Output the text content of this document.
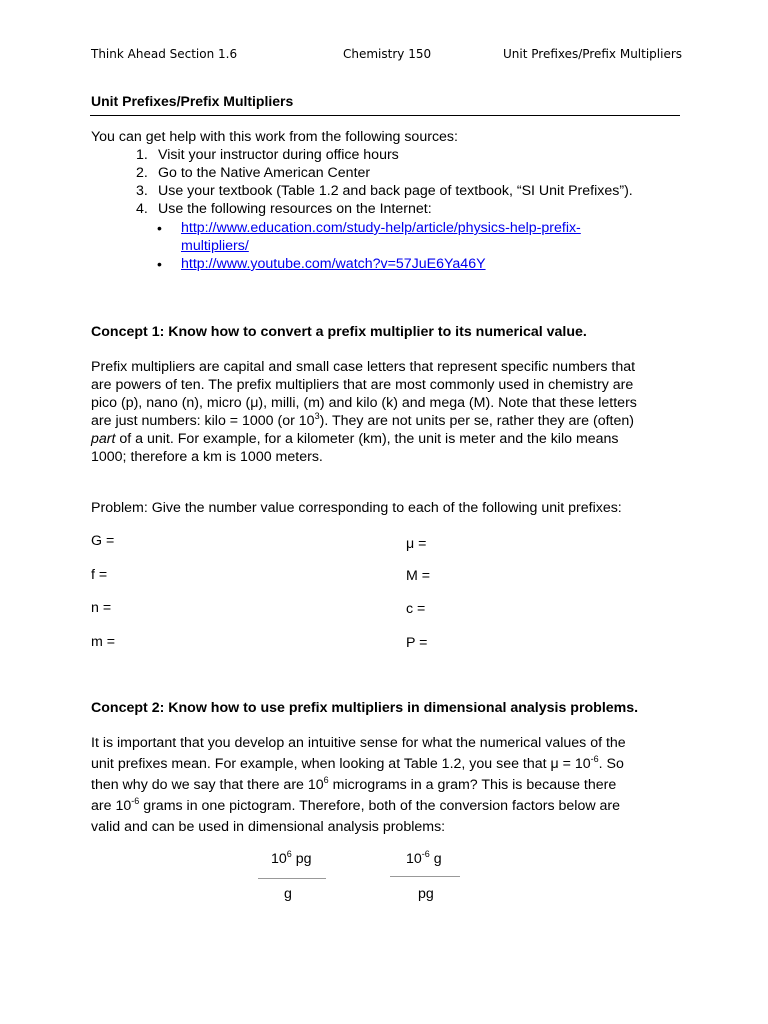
Think Ahead Section 1.6	Chemistry 150	Unit Prefixes/Prefix Multipliers
Unit Prefixes/Prefix Multipliers
You can get help with this work from the following sources:
1. Visit your instructor during office hours
2. Go to the Native American Center
3. Use your textbook (Table 1.2 and back page of textbook, “SI Unit Prefixes”).
4. Use the following resources on the Internet:
• http://www.education.com/study-help/article/physics-help-prefix-
multipliers/
• http://www.youtube.com/watch?v=57JuE6Ya46Y
Concept 1: Know how to convert a prefix multiplier to its numerical value.
Prefix multipliers are capital and small case letters that represent specific numbers that
are powers of ten. The prefix multipliers that are most commonly used in chemistry are
pico (p), nano (n), micro (μ), milli, (m) and kilo (k) and mega (M). Note that these letters
are just numbers: kilo = 1000 (or $10^3$). They are not units per se, rather they are (often)
part of a unit. For example, for a kilometer (km), the unit is meter and the kilo means
1000; therefore a km is 1000 meters.
Problem: Give the number value corresponding to each of the following unit prefixes:
G =
f =
n =
m =
μ =
M =
c =
P =
Concept 2: Know how to use prefix multipliers in dimensional analysis problems.
It is important that you develop an intuitive sense for what the numerical values of the
unit prefixes mean. For example, when looking at Table 1.2, you see that $\mu = 10^{-6}$. So
then why do we say that there are $10^6$ micrograms in a gram? This is because there
are $10^{-6}$ grams in one pictogram. Therefore, both of the conversion factors below are
valid and can be used in dimensional analysis problems:
$10^6$ pg
g
$10^{-6}$ g
pg
